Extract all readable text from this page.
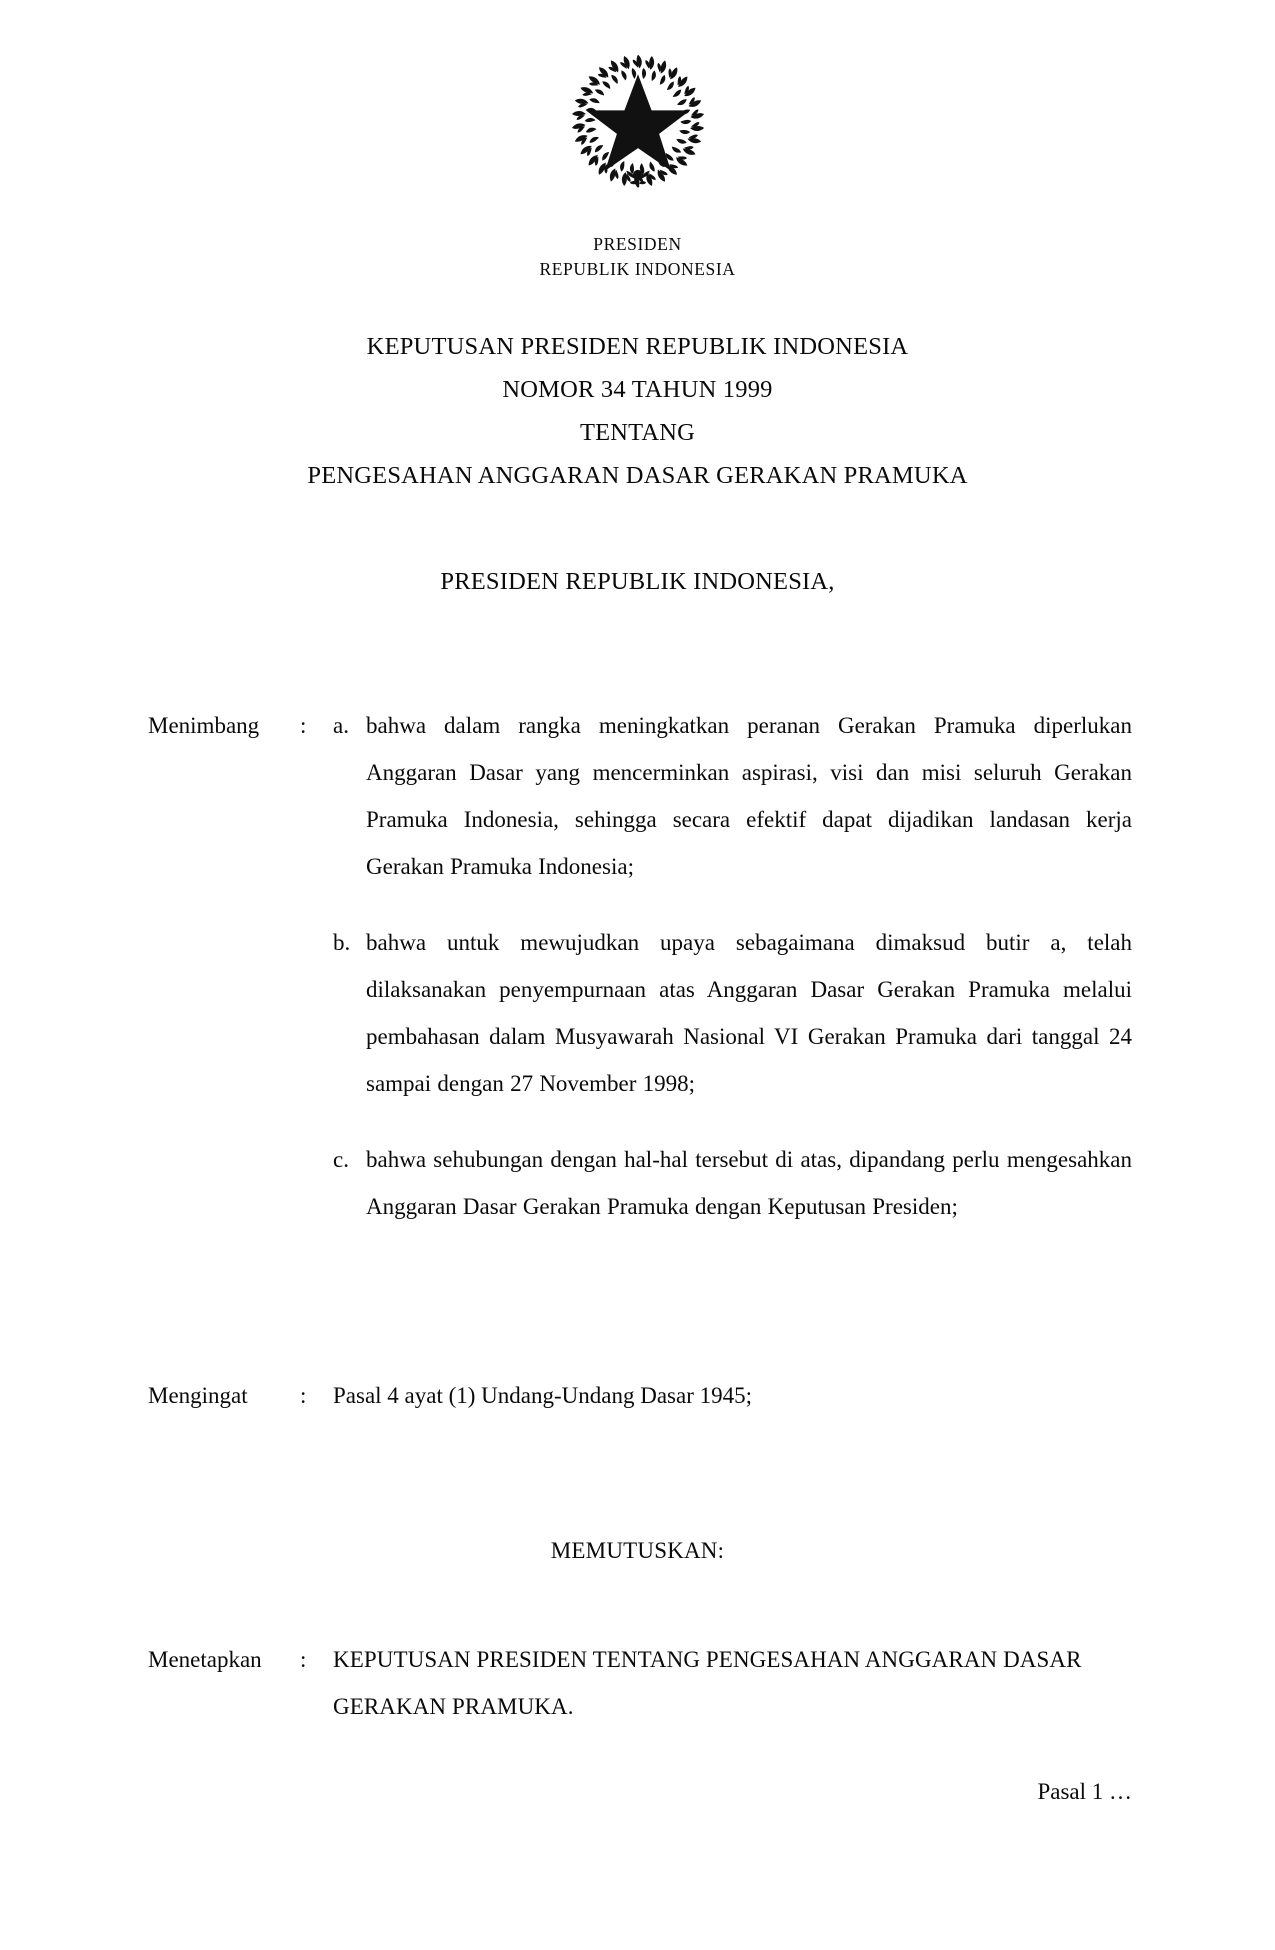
PRESIDEN
REPUBLIK INDONESIA
KEPUTUSAN PRESIDEN REPUBLIK INDONESIA
NOMOR 34 TAHUN 1999
TENTANG
PENGESAHAN ANGGARAN DASAR GERAKAN PRAMUKA
PRESIDEN REPUBLIK INDONESIA,
Menimbang	:	a. bahwa dalam rangka meningkatkan peranan Gerakan Pramuka diperlukan Anggaran Dasar yang mencerminkan aspirasi, visi dan misi seluruh Gerakan Pramuka Indonesia, sehingga secara efektif dapat dijadikan landasan kerja Gerakan Pramuka Indonesia;
b. bahwa untuk mewujudkan upaya sebagaimana dimaksud butir a, telah dilaksanakan penyempurnaan atas Anggaran Dasar Gerakan Pramuka melalui pembahasan dalam Musyawarah Nasional VI Gerakan Pramuka dari tanggal 24 sampai dengan 27 November 1998;
c. bahwa sehubungan dengan hal-hal tersebut di atas, dipandang perlu mengesahkan Anggaran Dasar Gerakan Pramuka dengan Keputusan Presiden;
Mengingat	:	Pasal 4 ayat (1) Undang-Undang Dasar 1945;
MEMUTUSKAN:
Menetapkan	:	KEPUTUSAN PRESIDEN TENTANG PENGESAHAN ANGGARAN DASAR GERAKAN PRAMUKA.
Pasal 1 …
